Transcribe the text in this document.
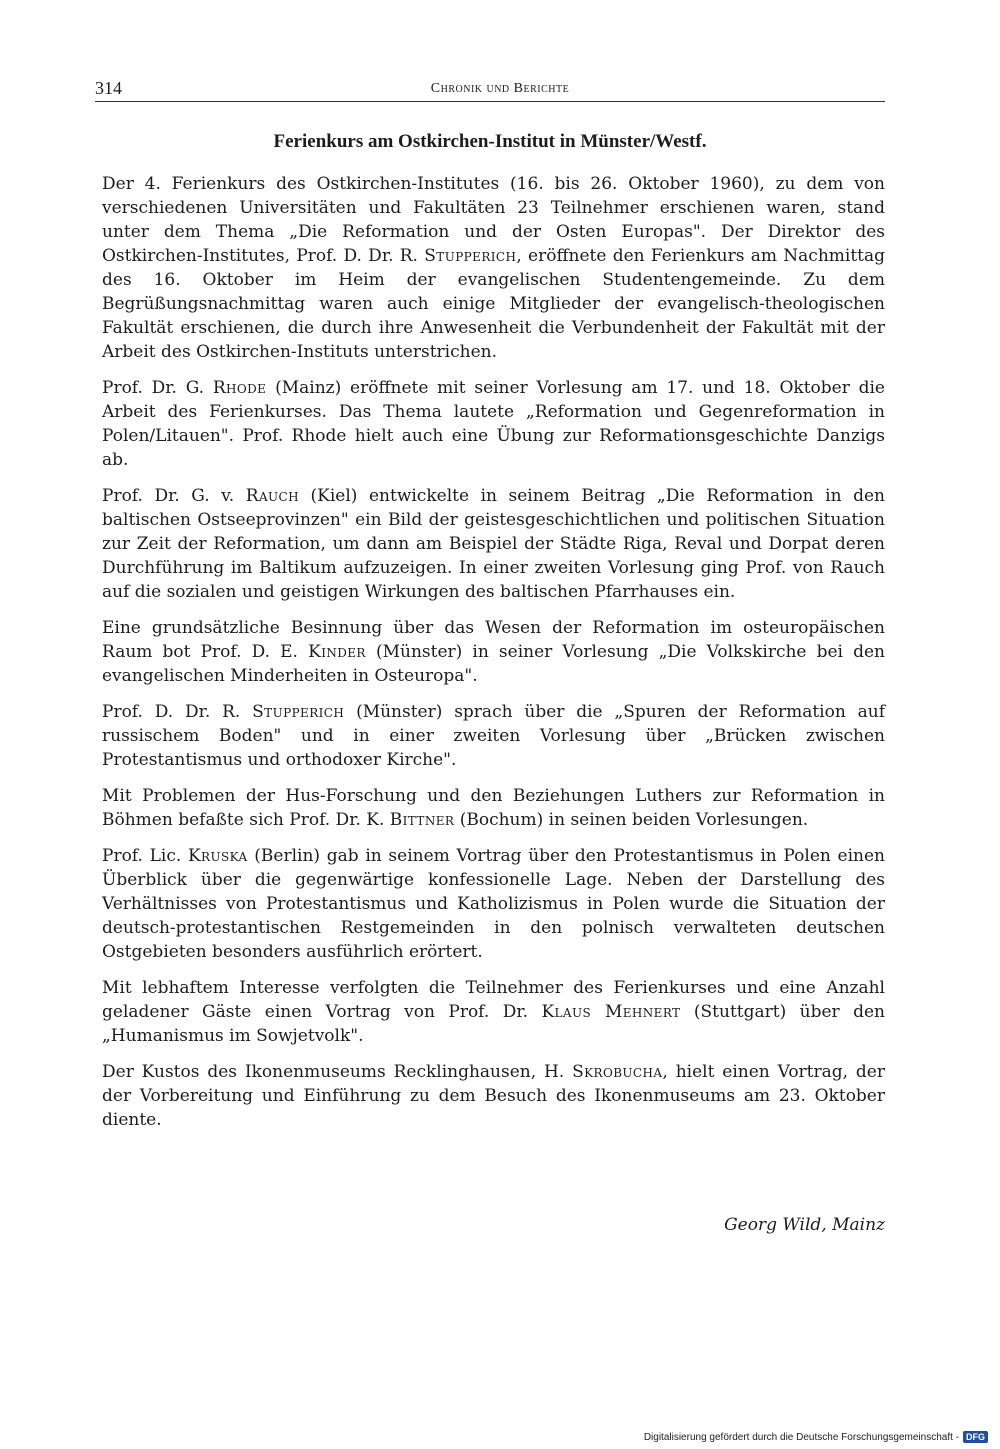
314	Chronik und Berichte
Ferienkurs am Ostkirchen-Institut in Münster/Westf.

Der 4. Ferienkurs des Ostkirchen-Institutes (16. bis 26. Oktober 1960), zu dem von verschiedenen Universitäten und Fakultäten 23 Teilnehmer erschienen waren, stand unter dem Thema „Die Reformation und der Osten Europas". Der Direktor des Ostkirchen-Institutes, Prof. D. Dr. R. Stupperich, eröffnete den Ferienkurs am Nachmittag des 16. Oktober im Heim der evangelischen Studentengemeinde. Zu dem Begrüßungsnachmittag waren auch einige Mitglieder der evangelisch-theologischen Fakultät erschienen, die durch ihre Anwesenheit die Verbundenheit der Fakultät mit der Arbeit des Ostkirchen-Instituts unterstrichen.

Prof. Dr. G. Rhode (Mainz) eröffnete mit seiner Vorlesung am 17. und 18. Oktober die Arbeit des Ferienkurses. Das Thema lautete „Reformation und Gegenreformation in Polen/Litauen". Prof. Rhode hielt auch eine Übung zur Reformationsgeschichte Danzigs ab.

Prof. Dr. G. v. Rauch (Kiel) entwickelte in seinem Beitrag „Die Reformation in den baltischen Ostseeprovinzen" ein Bild der geistesgeschichtlichen und politischen Situation zur Zeit der Reformation, um dann am Beispiel der Städte Riga, Reval und Dorpat deren Durchführung im Baltikum aufzuzeigen. In einer zweiten Vorlesung ging Prof. von Rauch auf die sozialen und geistigen Wirkungen des baltischen Pfarrhauses ein.

Eine grundsätzliche Besinnung über das Wesen der Reformation im osteuropäischen Raum bot Prof. D. E. Kinder (Münster) in seiner Vorlesung „Die Volkskirche bei den evangelischen Minderheiten in Osteuropa".

Prof. D. Dr. R. Stupperich (Münster) sprach über die „Spuren der Reformation auf russischem Boden" und in einer zweiten Vorlesung über „Brücken zwischen Protestantismus und orthodoxer Kirche".

Mit Problemen der Hus-Forschung und den Beziehungen Luthers zur Reformation in Böhmen befaßte sich Prof. Dr. K. Bittner (Bochum) in seinen beiden Vorlesungen.

Prof. Lic. Kruska (Berlin) gab in seinem Vortrag über den Protestantismus in Polen einen Überblick über die gegenwärtige konfessionelle Lage. Neben der Darstellung des Verhältnisses von Protestantismus und Katholizismus in Polen wurde die Situation der deutsch-protestantischen Restgemeinden in den polnisch verwalteten deutschen Ostgebieten besonders ausführlich erörtert.

Mit lebhaftem Interesse verfolgten die Teilnehmer des Ferienkurses und eine Anzahl geladener Gäste einen Vortrag von Prof. Dr. Klaus Mehnert (Stuttgart) über den „Humanismus im Sowjetvolk".

Der Kustos des Ikonenmuseums Recklinghausen, H. Skrobucha, hielt einen Vortrag, der der Vorbereitung und Einführung zu dem Besuch des Ikonenmuseums am 23. Oktober diente.

Georg Wild, Mainz
Digitalisierung gefördert durch die Deutsche Forschungsgemeinschaft - DFG
